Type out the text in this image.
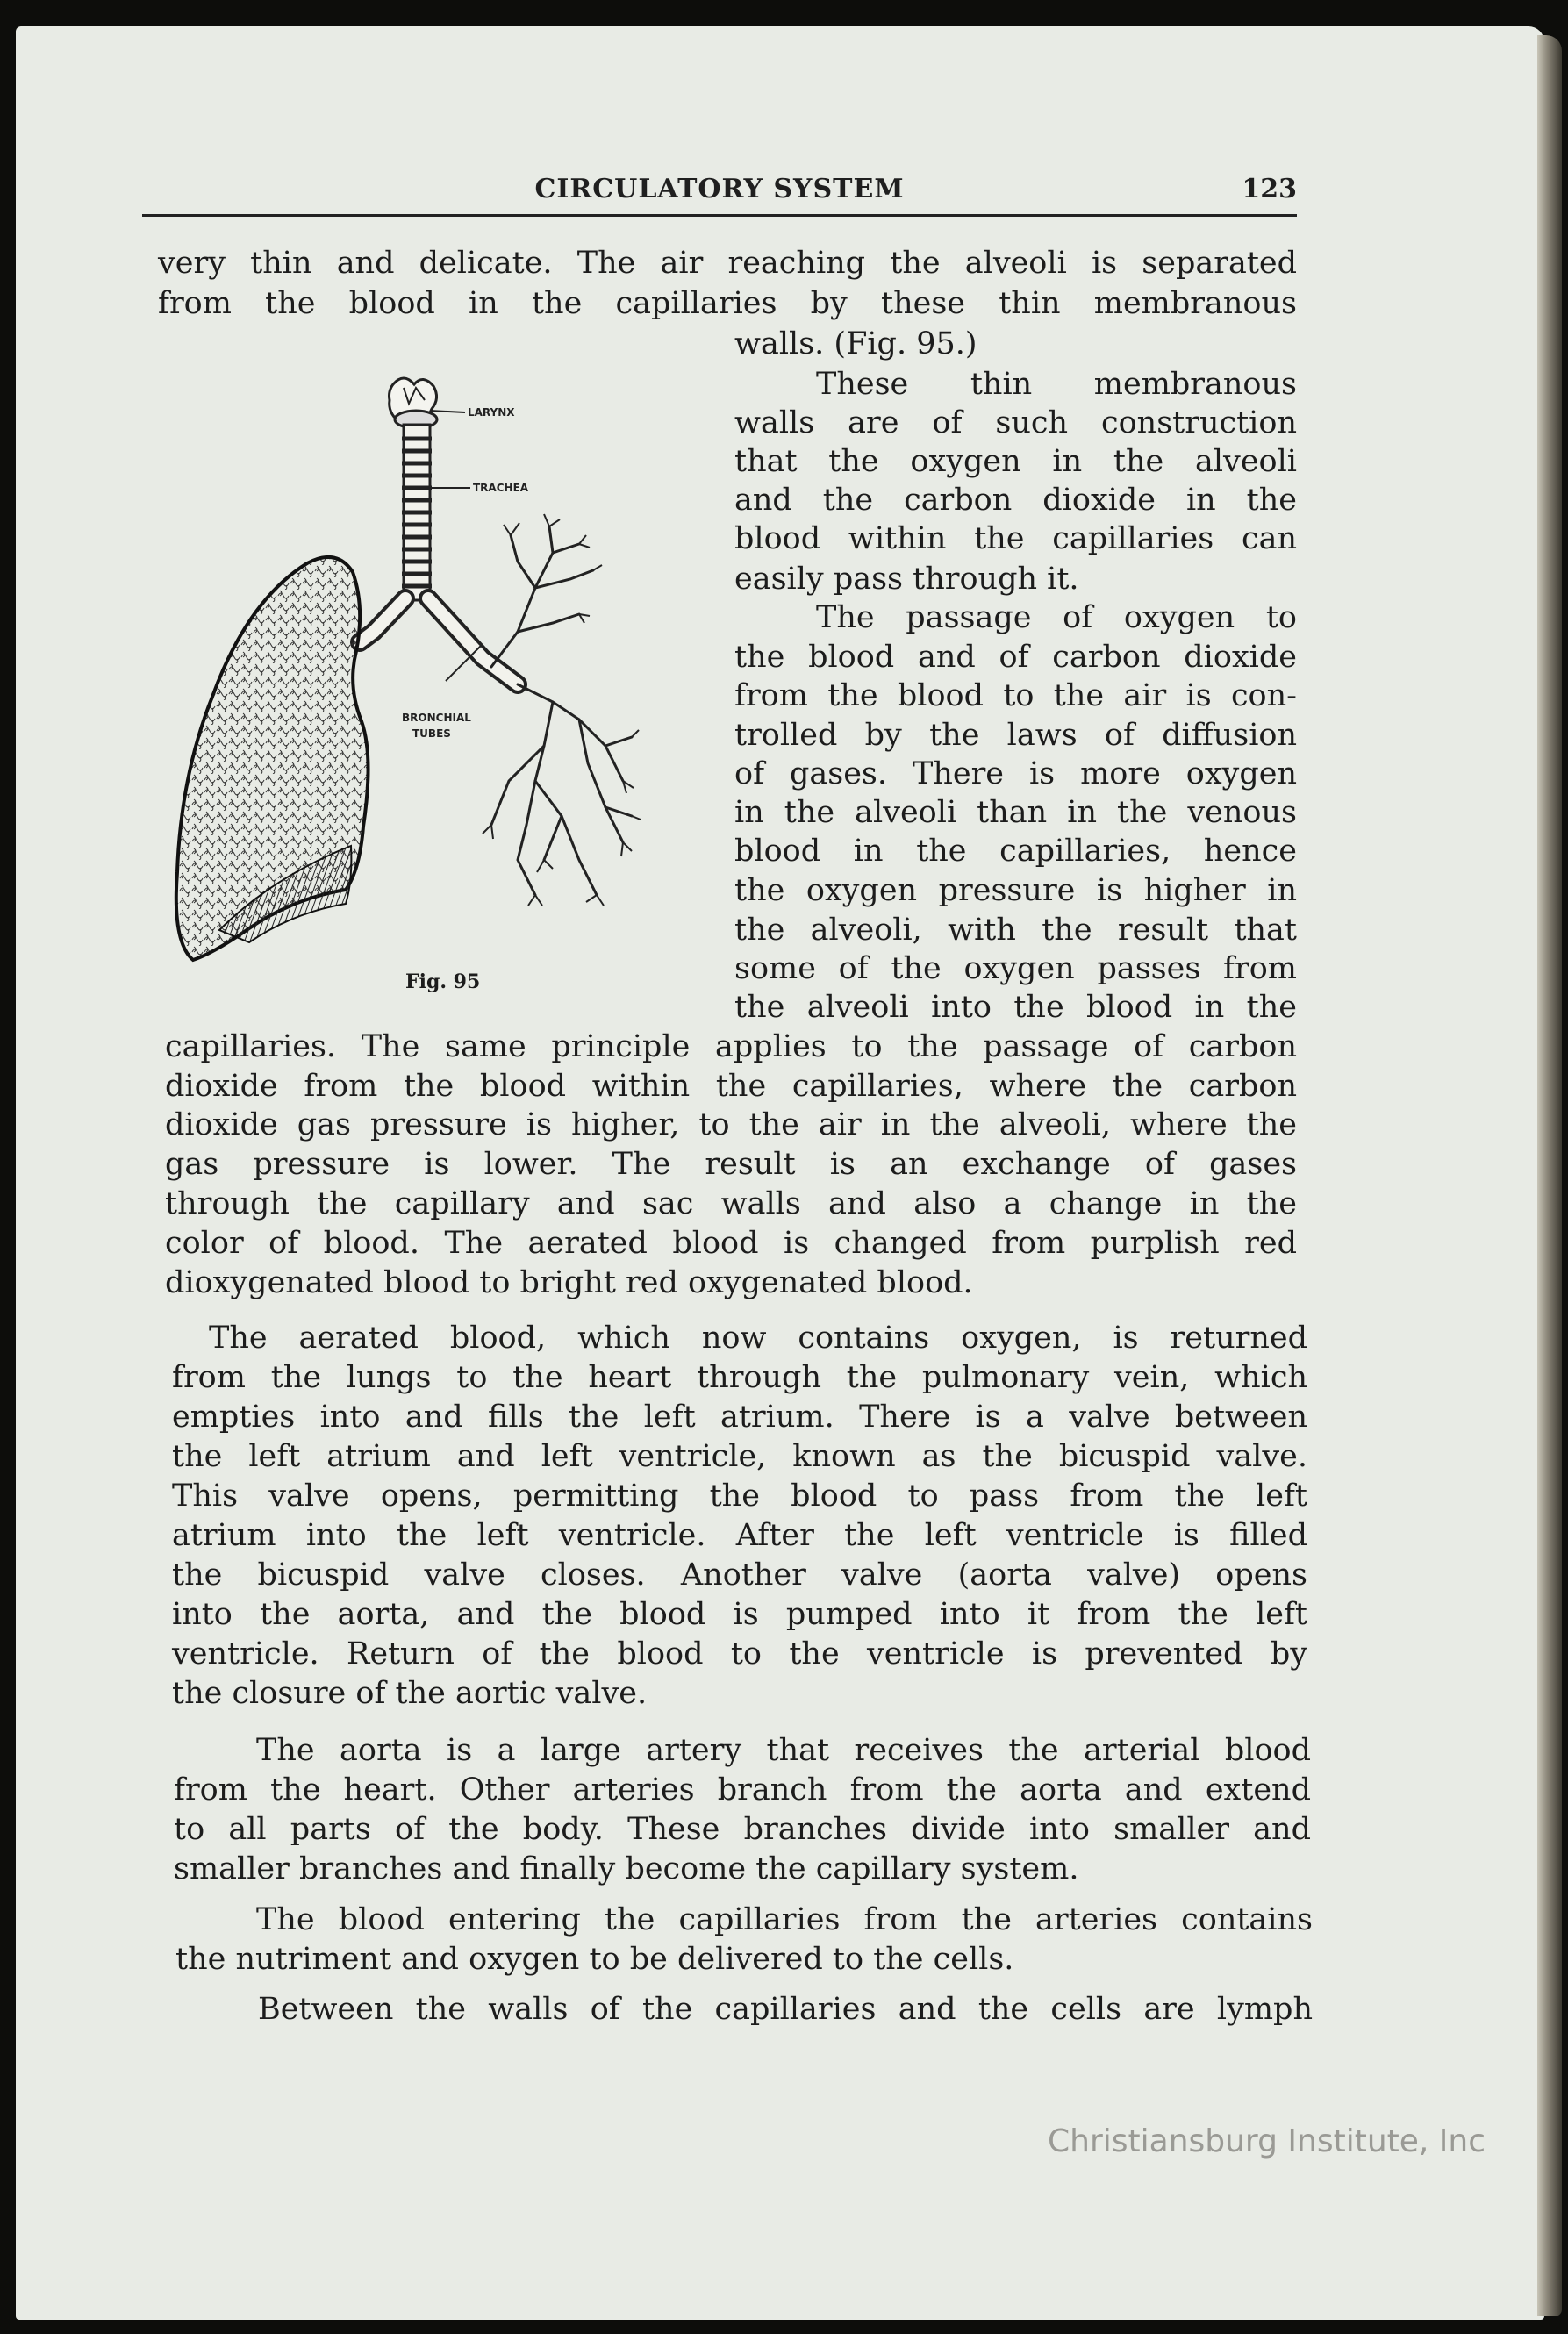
CIRCULATORY SYSTEM	123
very thin and delicate. The air reaching the alveoli is separated
from the blood in the capillaries by these thin membranous
walls. (Fig. 95.)
These thin membranous
walls are of such construction
that the oxygen in the alveoli
and the carbon dioxide in the
blood within the capillaries can
easily pass through it.
The passage of oxygen to
the blood and of carbon dioxide
from the blood to the air is con-
trolled by the laws of diffusion
of gases. There is more oxygen
in the alveoli than in the venous
blood in the capillaries, hence
the oxygen pressure is higher in
the alveoli, with the result that
some of the oxygen passes from
the alveoli into the blood in the
capillaries. The same principle applies to the passage of carbon
dioxide from the blood within the capillaries, where the carbon
dioxide gas pressure is higher, to the air in the alveoli, where the
gas pressure is lower. The result is an exchange of gases
through the capillary and sac walls and also a change in the
color of blood. The aerated blood is changed from purplish red
dioxygenated blood to bright red oxygenated blood.
The aerated blood, which now contains oxygen, is returned
from the lungs to the heart through the pulmonary vein, which
empties into and fills the left atrium. There is a valve between
the left atrium and left ventricle, known as the bicuspid valve.
This valve opens, permitting the blood to pass from the left
atrium into the left ventricle. After the left ventricle is filled
the bicuspid valve closes. Another valve (aorta valve) opens
into the aorta, and the blood is pumped into it from the left
ventricle. Return of the blood to the ventricle is prevented by
the closure of the aortic valve.
The aorta is a large artery that receives the arterial blood
from the heart. Other arteries branch from the aorta and extend
to all parts of the body. These branches divide into smaller and
smaller branches and finally become the capillary system.
The blood entering the capillaries from the arteries contains
the nutriment and oxygen to be delivered to the cells.
Between the walls of the capillaries and the cells are lymph
LARYNX
TRACHEA
BRONCHIAL
TUBES
Fig. 95
Christiansburg Institute, Inc
